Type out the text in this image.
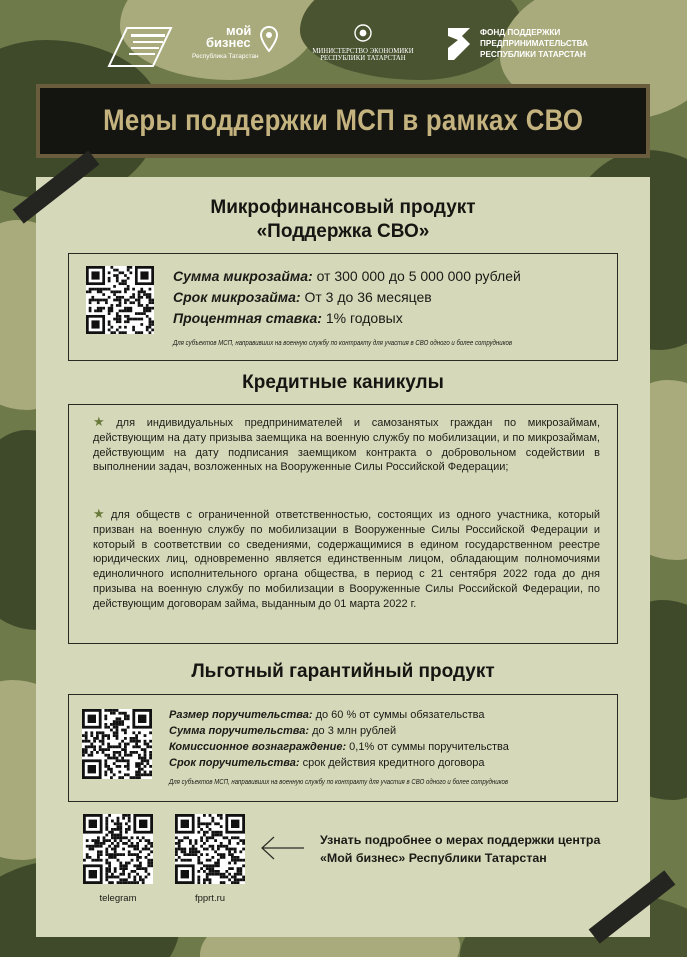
мой
бизнес
Республика Татарстан
МИНИСТЕРСТВО ЭКОНОМИКИ
РЕСПУБЛИКИ ТАТАРСТАН
ФОНД ПОДДЕРЖКИ
ПРЕДПРИНИМАТЕЛЬСТВА
РЕСПУБЛИКИ ТАТАРСТАН
Меры поддержки МСП в рамках СВО
Микрофинансовый продукт
«Поддержка СВО»
Сумма микрозайма: от 300 000 до 5 000 000 рублей
Срок микрозайма: От 3 до 36 месяцев
Процентная ставка: 1% годовых
Для субъектов МСП, направивших на военную службу по контракту для участия в СВО одного и более сотрудников
Кредитные каникулы
★ для индивидуальных предпринимателей и самозанятых граждан по микрозаймам, действующим на дату призыва заемщика на военную службу по мобилизации, и по микрозаймам, действующим на дату подписания заемщиком контракта о добровольном содействии в выполнении задач, возложенных на Вооруженные Силы Российской Федерации;
★ для обществ с ограниченной ответственностью, состоящих из одного участника, который призван на военную службу по мобилизации в Вооруженные Силы Российской Федерации и который в соответствии со сведениями, содержащимися в едином государственном реестре юридических лиц, одновременно является единственным лицом, обладающим полномочиями единоличного исполнительного органа общества, в период с 21 сентября 2022 года до дня призыва на военную службу по мобилизации в Вооруженные Силы Российской Федерации, по действующим договорам займа, выданным до 01 марта 2022 г.
Льготный гарантийный продукт
Размер поручительства: до 60 % от суммы обязательства
Сумма поручительства: до 3 млн рублей
Комиссионное вознаграждение: 0,1% от суммы поручительства
Срок поручительства: срок действия кредитного договора
Для субъектов МСП, направивших на военную службу по контракту для участия в СВО одного и более сотрудников
telegram	fpprt.ru
Узнать подробнее о мерах поддержки центра
«Мой бизнес» Республики Татарстан
